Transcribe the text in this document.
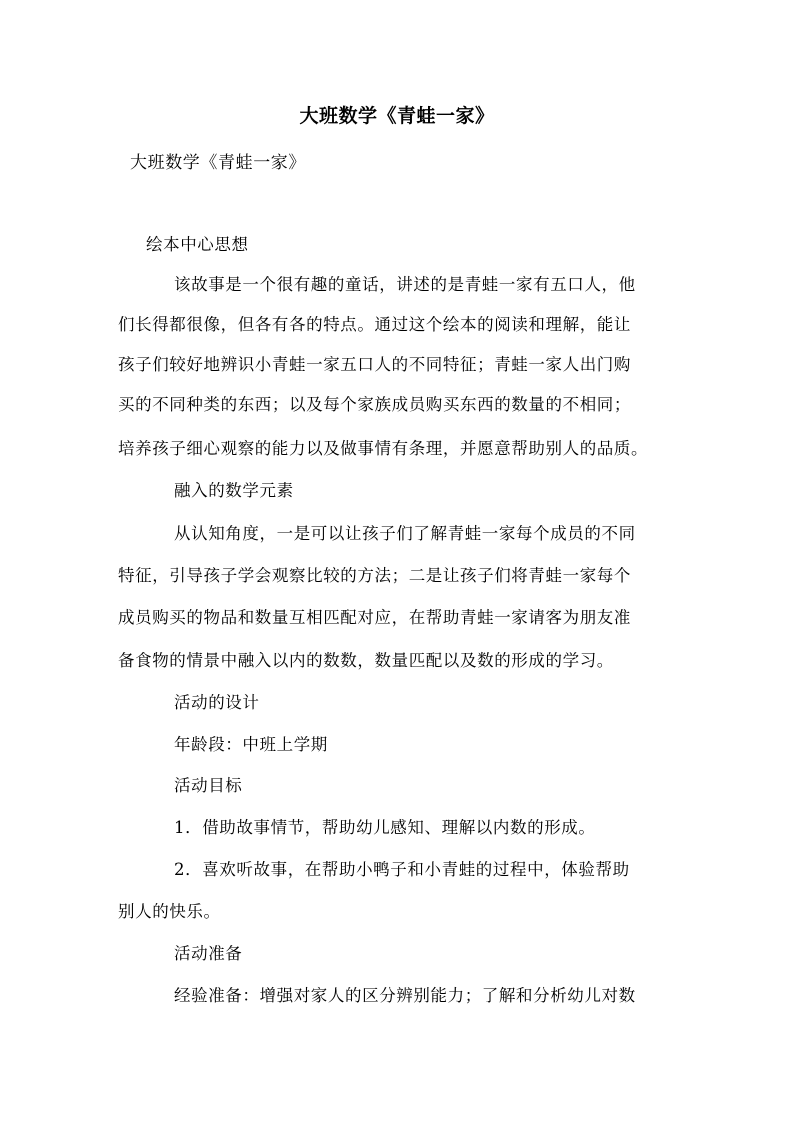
大班数学《青蛙一家》
大班数学《青蛙一家》
绘本中心思想
该故事是一个很有趣的童话，讲述的是青蛙一家有五口人，他
们长得都很像，但各有各的特点。通过这个绘本的阅读和理解，能让
孩子们较好地辨识小青蛙一家五口人的不同特征；青蛙一家人出门购
买的不同种类的东西；以及每个家族成员购买东西的数量的不相同；
培养孩子细心观察的能力以及做事情有条理，并愿意帮助别人的品质。
融入的数学元素
从认知角度，一是可以让孩子们了解青蛙一家每个成员的不同
特征，引导孩子学会观察比较的方法；二是让孩子们将青蛙一家每个
成员购买的物品和数量互相匹配对应，在帮助青蛙一家请客为朋友准
备食物的情景中融入以内的数数，数量匹配以及数的形成的学习。
活动的设计
年龄段：中班上学期
活动目标
1．借助故事情节，帮助幼儿感知、理解以内数的形成。
2．喜欢听故事，在帮助小鸭子和小青蛙的过程中，体验帮助
别人的快乐。
活动准备
经验准备：增强对家人的区分辨别能力；了解和分析幼儿对数
